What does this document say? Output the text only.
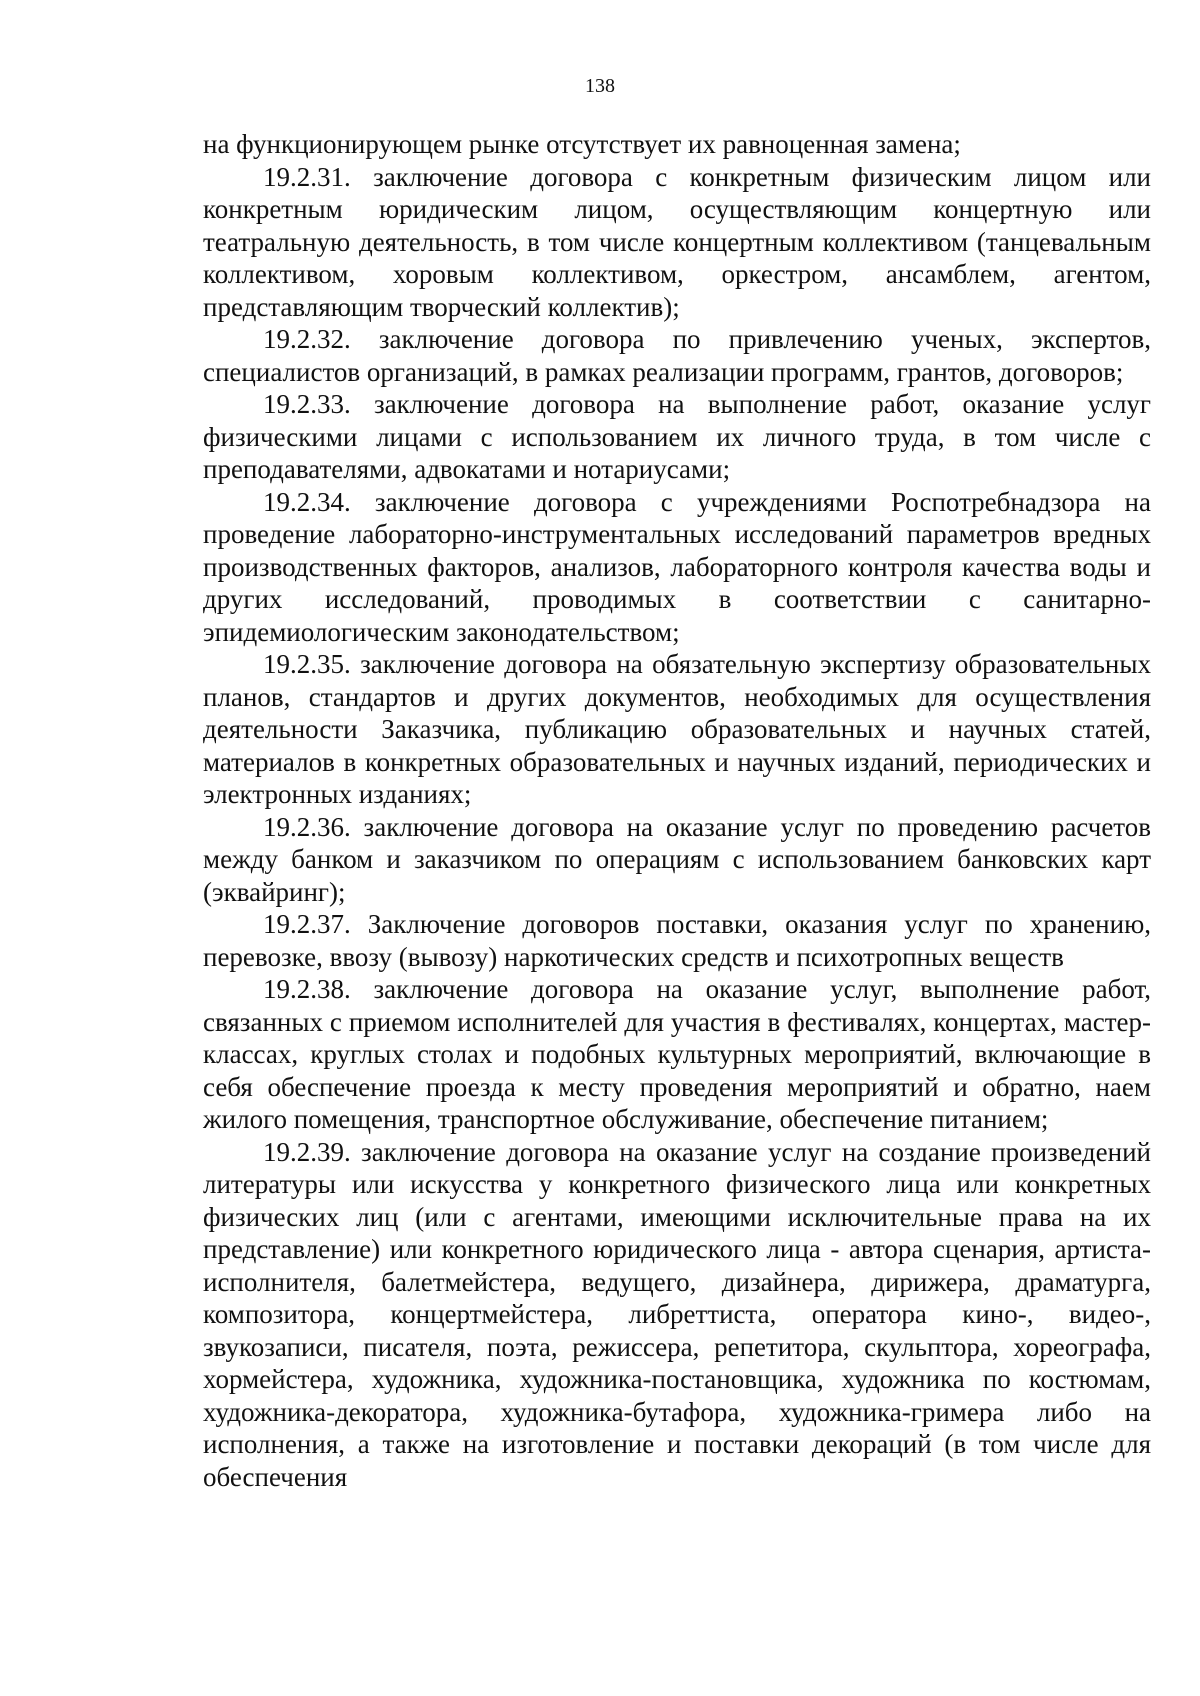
138

на функционирующем рынке отсутствует их равноценная замена;

19.2.31. заключение договора с конкретным физическим лицом или конкретным юридическим лицом, осуществляющим концертную или театральную деятельность, в том числе концертным коллективом (танцевальным коллективом, хоровым коллективом, оркестром, ансамблем, агентом, представляющим творческий коллектив);

19.2.32. заключение договора по привлечению ученых, экспертов, специалистов организаций, в рамках реализации программ, грантов, договоров;

19.2.33. заключение договора на выполнение работ, оказание услуг физическими лицами с использованием их личного труда, в том числе с преподавателями, адвокатами и нотариусами;

19.2.34. заключение договора с учреждениями Роспотребнадзора на проведение лабораторно-инструментальных исследований параметров вредных производственных факторов, анализов, лабораторного контроля качества воды и других исследований, проводимых в соответствии с санитарно-эпидемиологическим законодательством;

19.2.35. заключение договора на обязательную экспертизу образовательных планов, стандартов и других документов, необходимых для осуществления деятельности Заказчика, публикацию образовательных и научных статей, материалов в конкретных образовательных и научных изданий, периодических и электронных изданиях;

19.2.36. заключение договора на оказание услуг по проведению расчетов между банком и заказчиком по операциям с использованием банковских карт (эквайринг);

19.2.37. Заключение договоров поставки, оказания услуг по хранению, перевозке, ввозу (вывозу) наркотических средств и психотропных веществ

19.2.38. заключение договора на оказание услуг, выполнение работ, связанных с приемом исполнителей для участия в фестивалях, концертах, мастер-классах, круглых столах и подобных культурных мероприятий, включающие в себя обеспечение проезда к месту проведения мероприятий и обратно, наем жилого помещения, транспортное обслуживание, обеспечение питанием;

19.2.39. заключение договора на оказание услуг на создание произведений литературы или искусства у конкретного физического лица или конкретных физических лиц (или с агентами, имеющими исключительные права на их представление) или конкретного юридического лица - автора сценария, артиста-исполнителя, балетмейстера, ведущего, дизайнера, дирижера, драматурга, композитора, концертмейстера, либреттиста, оператора кино-, видео-, звукозаписи, писателя, поэта, режиссера, репетитора, скульптора, хореографа, хормейстера, художника, художника-постановщика, художника по костюмам, художника-декоратора, художника-бутафора, художника-гримера либо на исполнения, а также на изготовление и поставки декораций (в том числе для обеспечения
